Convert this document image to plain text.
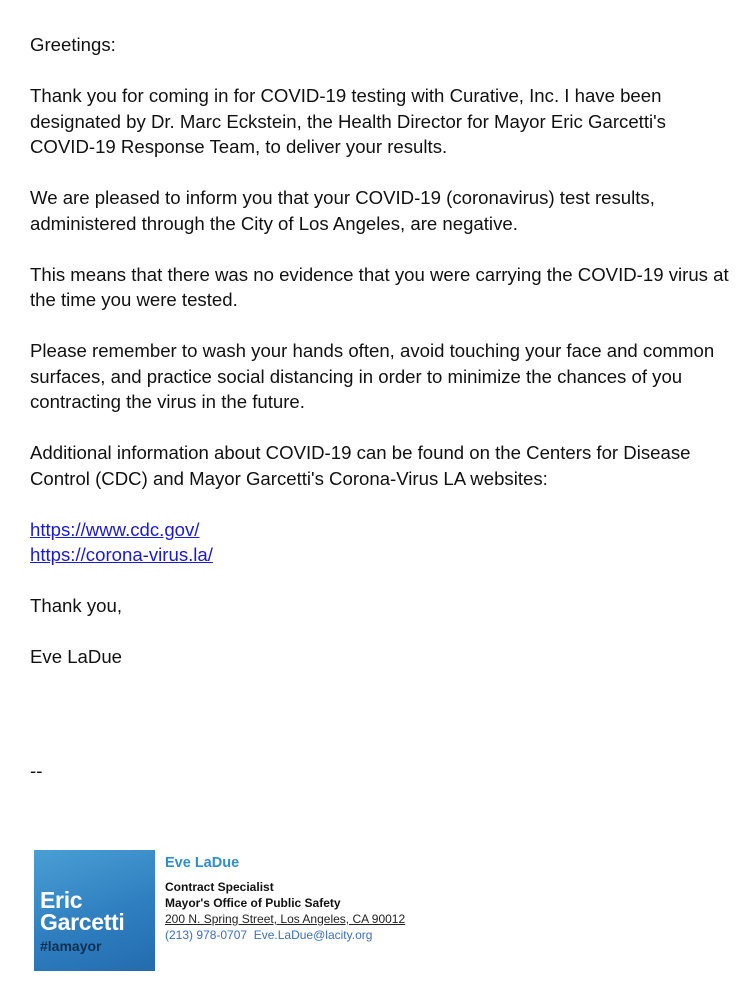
Greetings:

Thank you for coming in for COVID-19 testing with Curative, Inc. I have been designated by Dr. Marc Eckstein, the Health Director for Mayor Eric Garcetti's COVID-19 Response Team, to deliver your results.

We are pleased to inform you that your COVID-19 (coronavirus) test results, administered through the City of Los Angeles, are negative.

This means that there was no evidence that you were carrying the COVID-19 virus at the time you were tested.

Please remember to wash your hands often, avoid touching your face and common surfaces, and practice social distancing in order to minimize the chances of you contracting the virus in the future.

Additional information about COVID-19 can be found on the Centers for Disease Control (CDC) and Mayor Garcetti's Corona-Virus LA websites:

https://www.cdc.gov/

https://corona-virus.la/

Thank you,

Eve LaDue

--
Eric
Garcetti
#lamayor
Eve LaDue
Contract Specialist
Mayor's Office of Public Safety
200 N. Spring Street, Los Angeles, CA 90012
(213) 978-0707 Eve.LaDue@lacity.org
